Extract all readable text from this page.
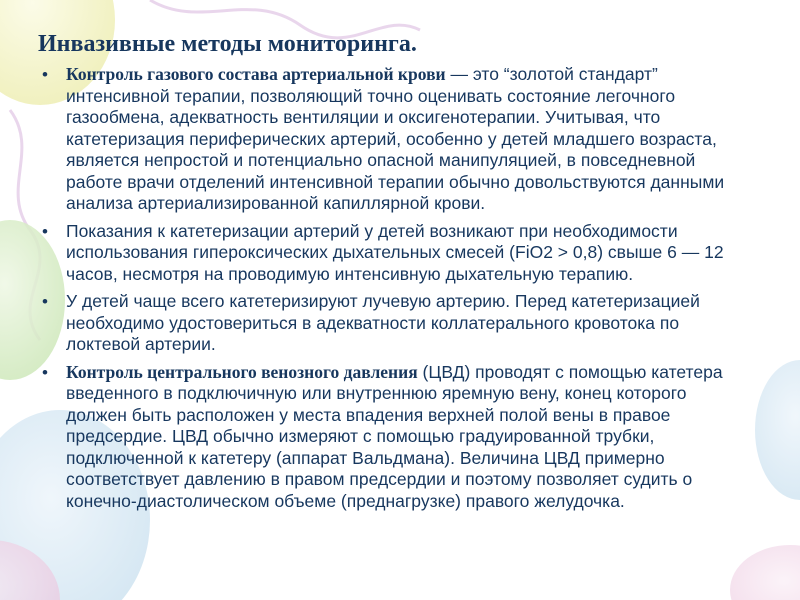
Инвазивные методы мониторинга.
• Контроль газового состава артериальной крови — это “золотой стандарт” интенсивной терапии, позволяющий точно оценивать состояние легочного газообмена, адекватность вентиляции и оксигенотерапии. Учитывая, что катетеризация периферических артерий, особенно у детей младшего возраста, является непростой и потенциально опасной манипуляцией, в повседневной работе врачи отделений интенсивной терапии обычно довольствуются данными анализа артериализированной капиллярной крови.
• Показания к катетеризации артерий у детей возникают при необходимости использования гипероксических дыхательных смесей (FiO2 > 0,8) свыше 6 — 12 часов, несмотря на проводимую интенсивную дыхательную терапию.
• У детей чаще всего катетеризируют лучевую артерию. Перед катетеризацией необходимо удостовериться в адекватности коллатерального кровотока по локтевой артерии.
• Контроль центрального венозного давления (ЦВД) проводят с помощью катетера введенного в подключичную или внутреннюю яремную вену, конец которого должен быть расположен у места впадения верхней полой вены в правое предсердие. ЦВД обычно измеряют с помощью градуированной трубки, подключенной к катетеру (аппарат Вальдмана). Величина ЦВД примерно соответствует давлению в правом предсердии и поэтому позволяет судить о конечно-диастолическом объеме (преднагрузке) правого желудочка.
